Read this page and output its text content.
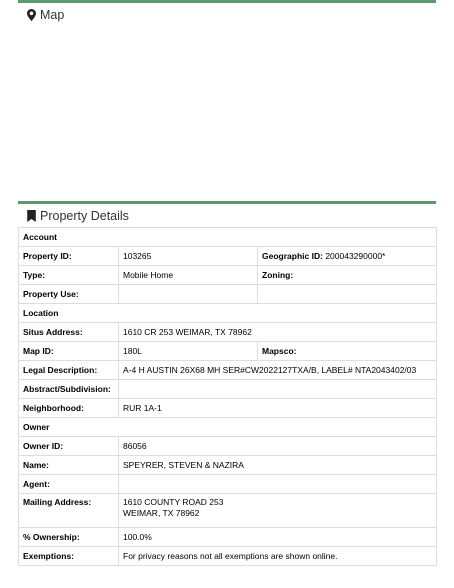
Map
Property Details
Account		
Property ID:	103265	Geographic ID: 200043290000*
Type:	Mobile Home	Zoning:
Property Use:		
Location		
Situs Address:	1610 CR 253 WEIMAR, TX 78962	
Map ID:	180L	Mapsco:
Legal Description:	A-4 H AUSTIN 26X68 MH SER#CW2022127TXA/B, LABEL# NTA2043402/03	
Abstract/Subdivision:		
Neighborhood:	RUR 1A-1	
Owner		
Owner ID:	86056	
Name:	SPEYRER, STEVEN & NAZIRA	
Agent:		
Mailing Address:	1610 COUNTY ROAD 253
WEIMAR, TX 78962	

% Ownership:	100.0%	
Exemptions:	For privacy reasons not all exemptions are shown online.	
